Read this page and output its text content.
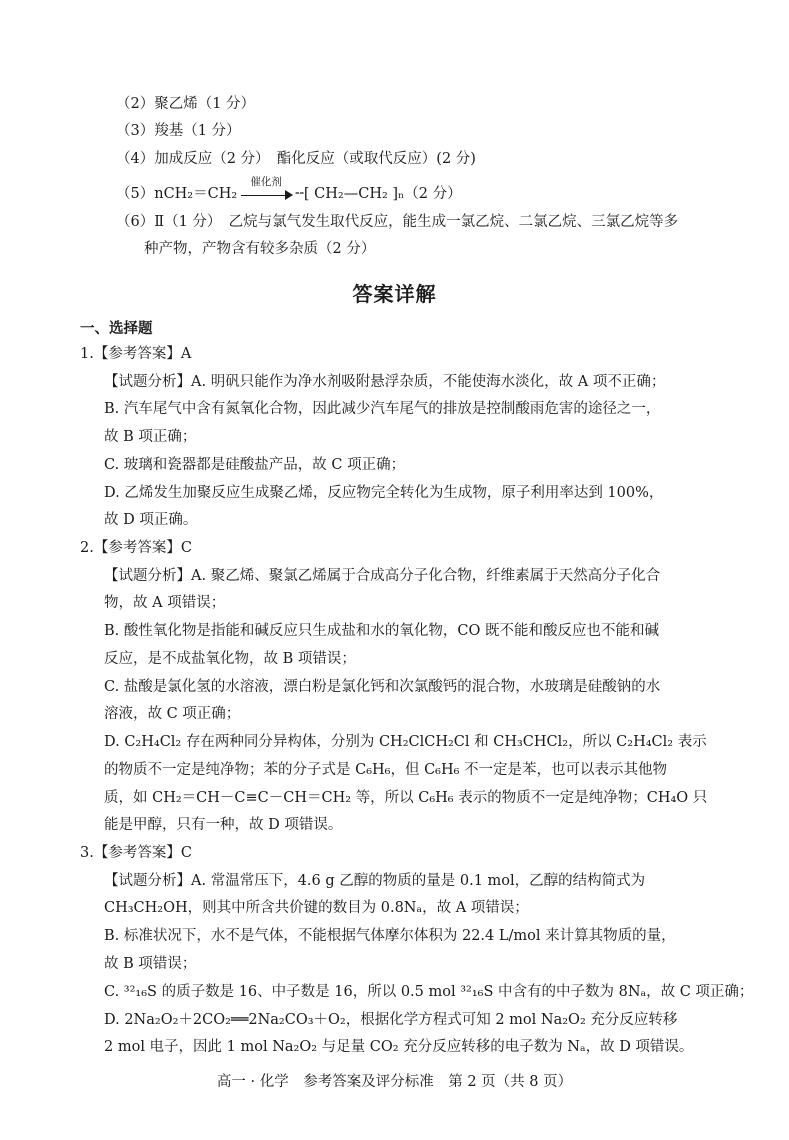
（2）聚乙烯（1 分）
（3）羧基（1 分）
（4）加成反应（2 分）　酯化反应（或取代反应）(2 分)
（5）nCH₂＝CH₂
催化剂
╌[ CH₂—CH₂ ]ₙ（2 分）
（6）Ⅱ（1 分）　乙烷与氯气发生取代反应，能生成一氯乙烷、二氯乙烷、三氯乙烷等多
种产物，产物含有较多杂质（2 分）
答案详解
一、选择题
1.【参考答案】A
【试题分析】A. 明矾只能作为净水剂吸附悬浮杂质，不能使海水淡化，故 A 项不正确；
B. 汽车尾气中含有氮氧化合物，因此减少汽车尾气的排放是控制酸雨危害的途径之一，
故 B 项正确；
C. 玻璃和瓷器都是硅酸盐产品，故 C 项正确；
D. 乙烯发生加聚反应生成聚乙烯，反应物完全转化为生成物，原子利用率达到 100%，
故 D 项正确。
2.【参考答案】C
【试题分析】A. 聚乙烯、聚氯乙烯属于合成高分子化合物，纤维素属于天然高分子化合
物，故 A 项错误；
B. 酸性氧化物是指能和碱反应只生成盐和水的氧化物，CO 既不能和酸反应也不能和碱
反应，是不成盐氧化物，故 B 项错误；
C. 盐酸是氯化氢的水溶液，漂白粉是氯化钙和次氯酸钙的混合物，水玻璃是硅酸钠的水
溶液，故 C 项正确；
D. C₂H₄Cl₂ 存在两种同分异构体，分别为 CH₂ClCH₂Cl 和 CH₃CHCl₂，所以 C₂H₄Cl₂ 表示
的物质不一定是纯净物；苯的分子式是 C₆H₆，但 C₆H₆ 不一定是苯，也可以表示其他物
质，如 CH₂＝CH－C≡C－CH＝CH₂ 等，所以 C₆H₆ 表示的物质不一定是纯净物；CH₄O 只
能是甲醇，只有一种，故 D 项错误。
3.【参考答案】C
【试题分析】A. 常温常压下，4.6 g 乙醇的物质的量是 0.1 mol，乙醇的结构简式为
CH₃CH₂OH，则其中所含共价键的数目为 0.8Nₐ，故 A 项错误；
B. 标准状况下，水不是气体，不能根据气体摩尔体积为 22.4 L/mol 来计算其物质的量，
故 B 项错误；
C. ³²₁₆S 的质子数是 16、中子数是 16，所以 0.5 mol ³²₁₆S 中含有的中子数为 8Nₐ，故 C 项正确；
D. 2Na₂O₂＋2CO₂══2Na₂CO₃＋O₂，根据化学方程式可知 2 mol Na₂O₂ 充分反应转移
2 mol 电子，因此 1 mol Na₂O₂ 与足量 CO₂ 充分反应转移的电子数为 Nₐ，故 D 项错误。
高一 · 化学　参考答案及评分标准　第 2 页（共 8 页）
